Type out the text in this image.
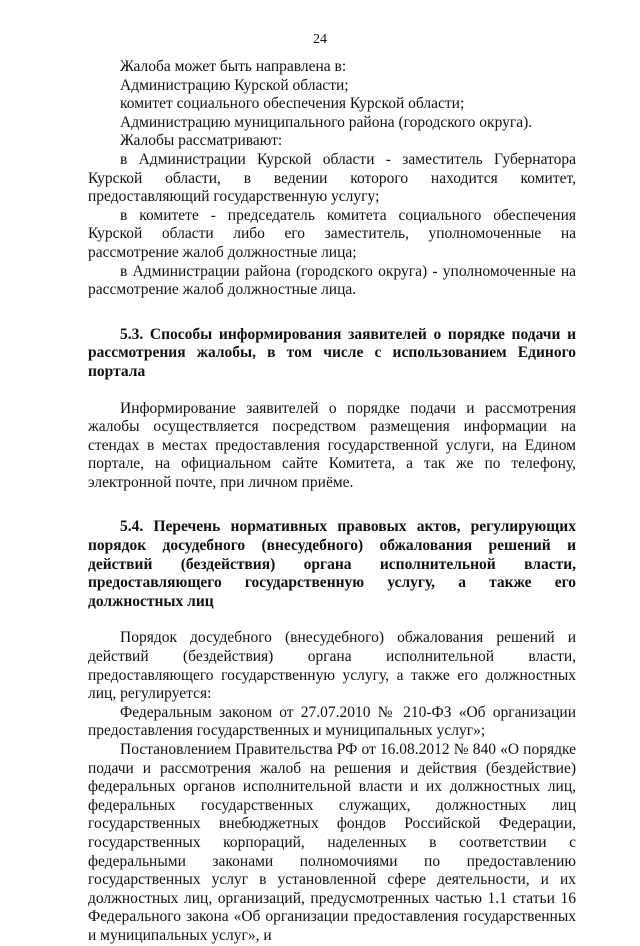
24

Жалоба может быть направлена в:

Администрацию Курской области;

комитет социального обеспечения Курской области;

Администрацию муниципального района (городского округа).

Жалобы рассматривают:

в Администрации Курской области - заместитель Губернатора Курской области, в ведении которого находится комитет, предоставляющий государственную услугу;

в комитете - председатель комитета социального обеспечения Курской области либо его заместитель, уполномоченные на рассмотрение жалоб должностные лица;

в Администрации района (городского округа) - уполномоченные на рассмотрение жалоб должностные лица.

5.3. Способы информирования заявителей о порядке подачи и рассмотрения жалобы, в том числе с использованием Единого портала

Информирование заявителей о порядке подачи и рассмотрения жалобы осуществляется посредством размещения информации на стендах в местах предоставления государственной услуги, на Едином портале, на официальном сайте Комитета, а так же по телефону, электронной почте, при личном приёме.

5.4. Перечень нормативных правовых актов, регулирующих порядок досудебного (внесудебного) обжалования решений и действий (бездействия) органа исполнительной власти, предоставляющего государственную услугу, а также его должностных лиц

Порядок досудебного (внесудебного) обжалования решений и действий (бездействия) органа исполнительной власти, предоставляющего государственную услугу, а также его должностных лиц, регулируется:

Федеральным законом от 27.07.2010 № 210-ФЗ «Об организации предоставления государственных и муниципальных услуг»;

Постановлением Правительства РФ от 16.08.2012 № 840 «О порядке подачи и рассмотрения жалоб на решения и действия (бездействие) федеральных органов исполнительной власти и их должностных лиц, федеральных государственных служащих, должностных лиц государственных внебюджетных фондов Российской Федерации, государственных корпораций, наделенных в соответствии с федеральными законами полномочиями по предоставлению государственных услуг в установленной сфере деятельности, и их должностных лиц, организаций, предусмотренных частью 1.1 статьи 16 Федерального закона «Об организации предоставления государственных и муниципальных услуг», и
